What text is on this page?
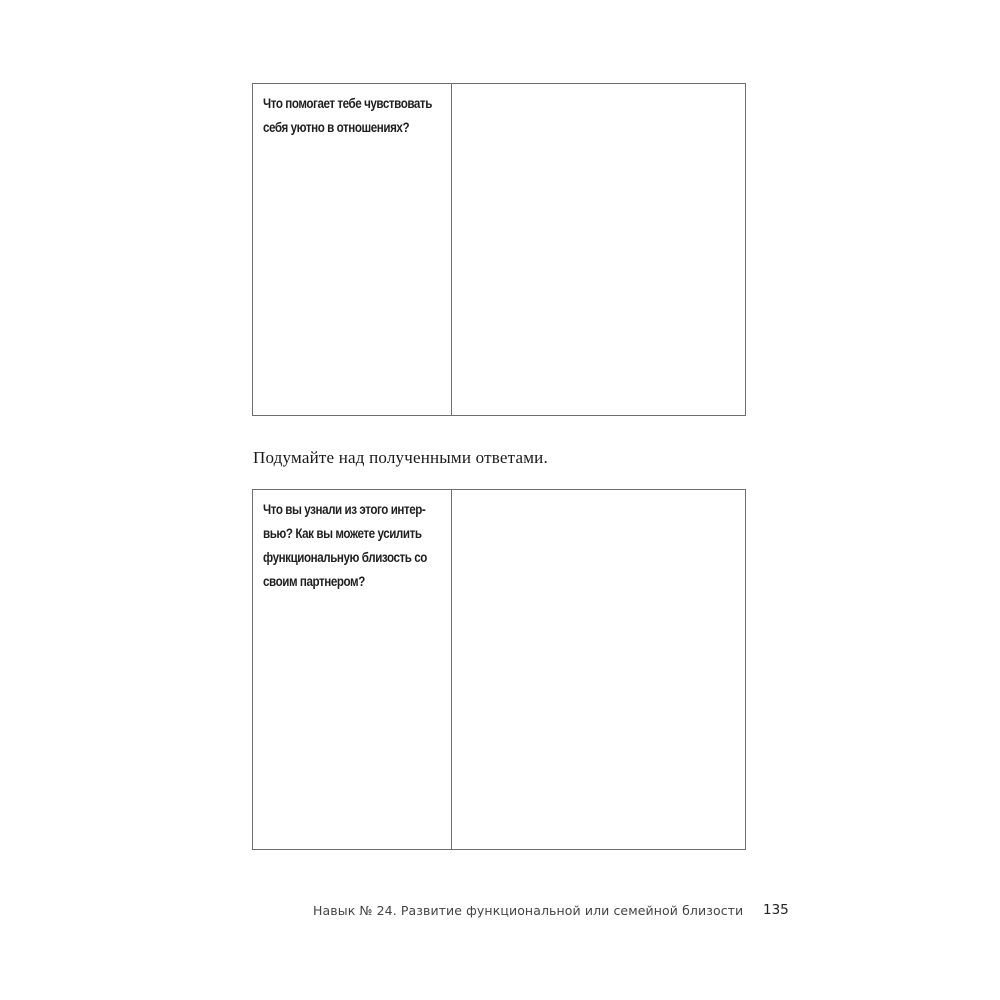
Что помогает тебе чувствовать
себя уютно в отношениях?

Подумайте над полученными ответами.

Что вы узнали из этого интер-
вью? Как вы можете усилить
функциональную близость со
своим партнером?

Навык № 24. Развитие функциональной или семейной близости 135
